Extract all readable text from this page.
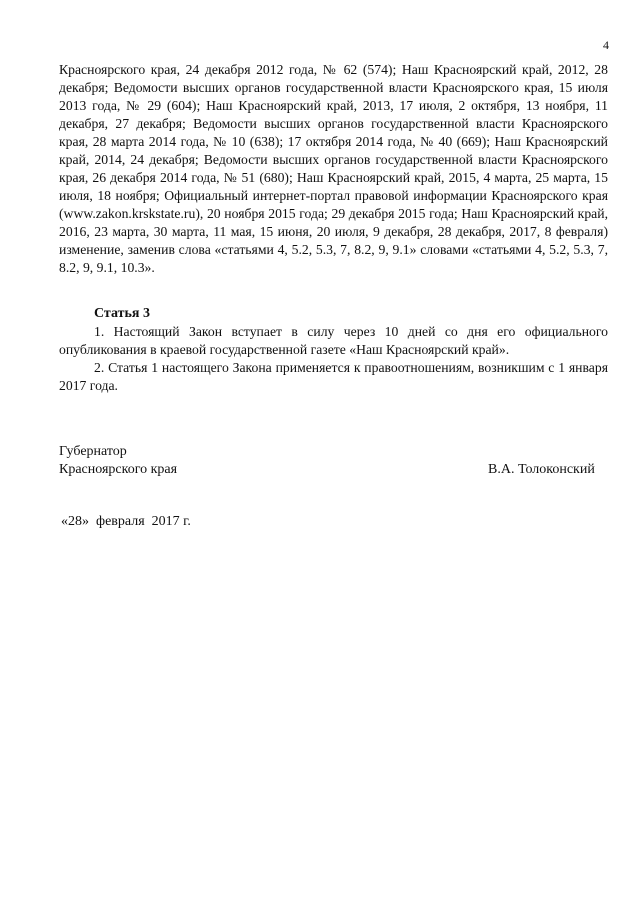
4

Красноярского края, 24 декабря 2012 года, № 62 (574); Наш Красноярский край, 2012, 28 декабря; Ведомости высших органов государственной власти Красноярского края, 15 июля 2013 года, № 29 (604); Наш Красноярский край, 2013, 17 июля, 2 октября, 13 ноября, 11 декабря, 27 декабря; Ведомости высших органов государственной власти Красноярского края, 28 марта 2014 года, № 10 (638); 17 октября 2014 года, № 40 (669); Наш Красноярский край, 2014, 24 декабря; Ведомости высших органов государственной власти Красноярского края, 26 декабря 2014 года, № 51 (680); Наш Красноярский край, 2015, 4 марта, 25 марта, 15 июля, 18 ноября; Официальный интернет-портал правовой информации Красноярского края (www.zakon.krskstate.ru), 20 ноября 2015 года; 29 декабря 2015 года; Наш Красноярский край, 2016, 23 марта, 30 марта, 11 мая, 15 июня, 20 июля, 9 декабря, 28 декабря, 2017, 8 февраля) изменение, заменив слова «статьями 4, 5.2, 5.3, 7, 8.2, 9, 9.1» словами «статьями 4, 5.2, 5.3, 7, 8.2, 9, 9.1, 10.3».

Статья 3

1. Настоящий Закон вступает в силу через 10 дней со дня его официального опубликования в краевой государственной газете «Наш Красноярский край».

2. Статья 1 настоящего Закона применяется к правоотношениям, возникшим с 1 января 2017 года.

Губернатор
Красноярского края	В.А. Толоконский
«28»  февраля  2017 г.
